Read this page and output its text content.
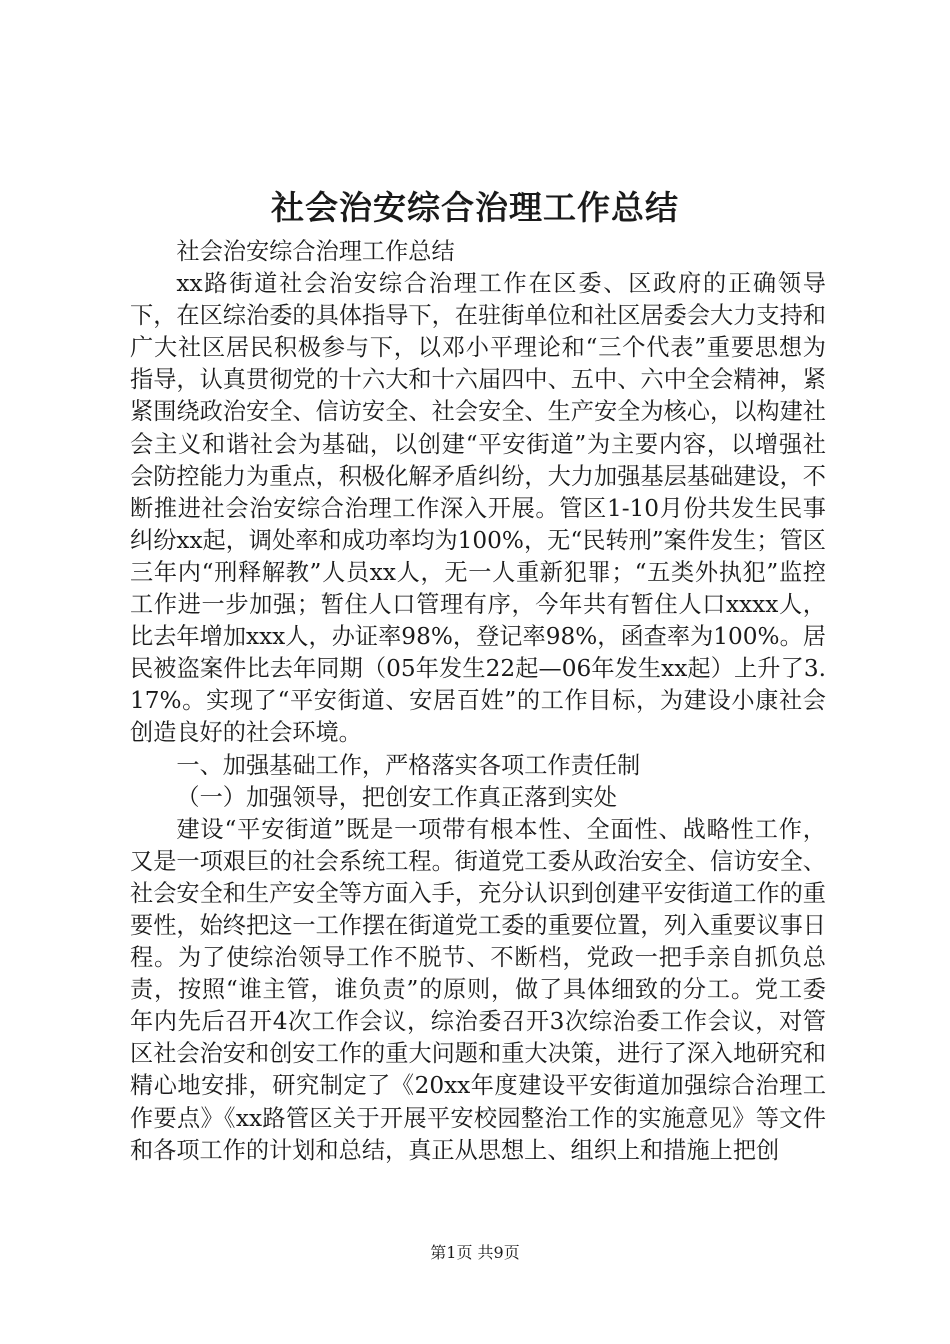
社会治安综合治理工作总结

社会治安综合治理工作总结

xx路街道社会治安综合治理工作在区委、区政府的正确领导下，在区综治委的具体指导下，在驻街单位和社区居委会大力支持和广大社区居民积极参与下，以邓小平理论和“三个代表”重要思想为指导，认真贯彻党的十六大和十六届四中、五中、六中全会精神，紧紧围绕政治安全、信访安全、社会安全、生产安全为核心，以构建社会主义和谐社会为基础，以创建“平安街道”为主要内容，以增强社会防控能力为重点，积极化解矛盾纠纷，大力加强基层基础建设，不断推进社会治安综合治理工作深入开展。管区1-10月份共发生民事纠纷xx起，调处率和成功率均为100%，无“民转刑”案件发生；管区三年内“刑释解教”人员xx人，无一人重新犯罪；“五类外执犯”监控工作进一步加强；暂住人口管理有序，今年共有暂住人口xxxx人，比去年增加xxx人，办证率98%，登记率98%，函查率为100%。居民被盗案件比去年同期（05年发生22起—06年发生xx起）上升了3.17%。实现了“平安街道、安居百姓”的工作目标，为建设小康社会创造良好的社会环境。

一、加强基础工作，严格落实各项工作责任制

（一）加强领导，把创安工作真正落到实处

建设“平安街道”既是一项带有根本性、全面性、战略性工作，又是一项艰巨的社会系统工程。街道党工委从政治安全、信访安全、社会安全和生产安全等方面入手，充分认识到创建平安街道工作的重要性，始终把这一工作摆在街道党工委的重要位置，列入重要议事日程。为了使综治领导工作不脱节、不断档，党政一把手亲自抓负总责，按照“谁主管，谁负责”的原则，做了具体细致的分工。党工委年内先后召开4次工作会议，综治委召开3次综治委工作会议，对管区社会治安和创安工作的重大问题和重大决策，进行了深入地研究和精心地安排，研究制定了《20xx年度建设平安街道加强综合治理工作要点》《xx路管区关于开展平安校园整治工作的实施意见》等文件和各项工作的计划和总结，真正从思想上、组织上和措施上把创

第1页 共9页
